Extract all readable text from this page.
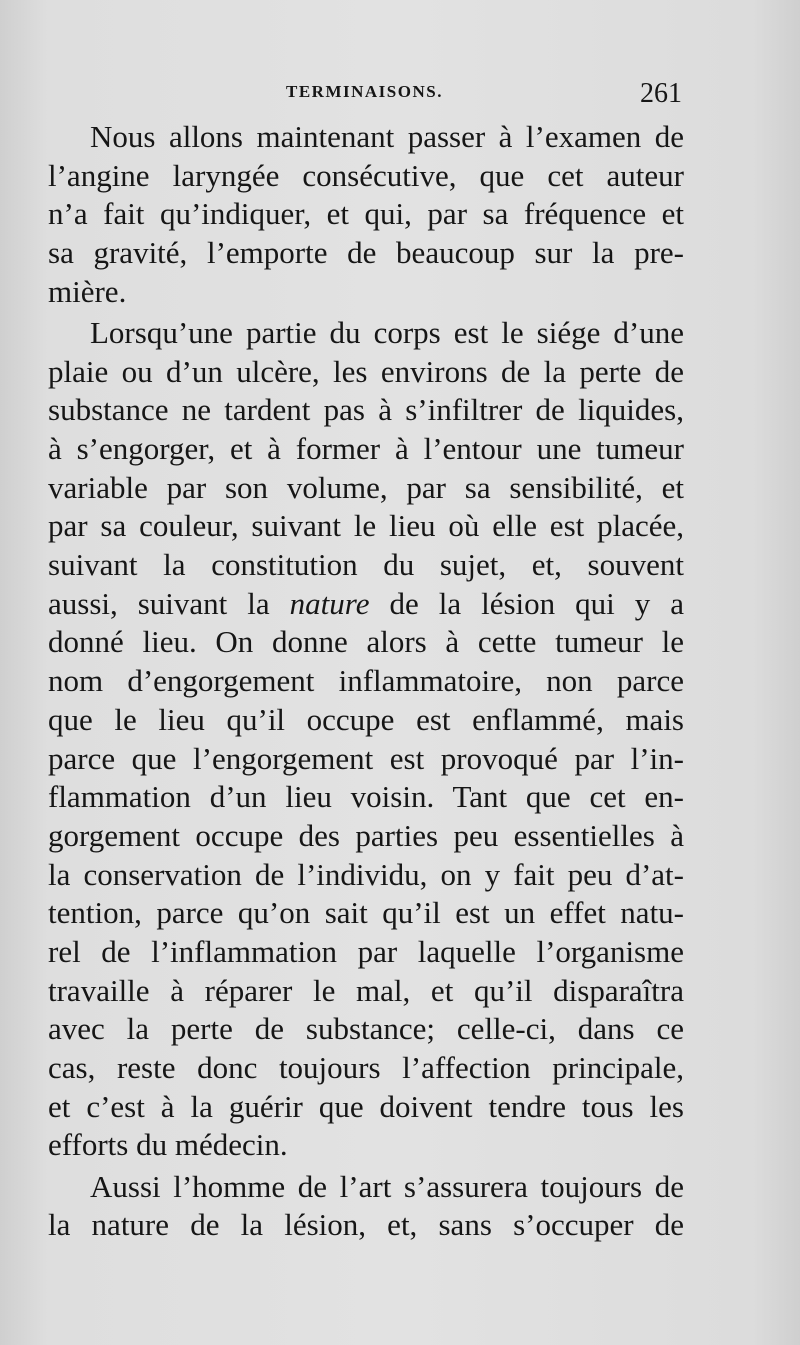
TERMINAISONS.	261
Nous allons maintenant passer à l’examen de
l’angine laryngée consécutive, que cet auteur
n’a fait qu’indiquer, et qui, par sa fréquence et
sa gravité, l’emporte de beaucoup sur la pre-
mière.
Lorsqu’une partie du corps est le siége d’une
plaie ou d’un ulcère, les environs de la perte de
substance ne tardent pas à s’infiltrer de liquides,
à s’engorger, et à former à l’entour une tumeur
variable par son volume, par sa sensibilité, et
par sa couleur, suivant le lieu où elle est placée,
suivant la constitution du sujet, et, souvent
aussi, suivant la nature de la lésion qui y a
donné lieu. On donne alors à cette tumeur le
nom d’engorgement inflammatoire, non parce
que le lieu qu’il occupe est enflammé, mais
parce que l’engorgement est provoqué par l’in-
flammation d’un lieu voisin. Tant que cet en-
gorgement occupe des parties peu essentielles à
la conservation de l’individu, on y fait peu d’at-
tention, parce qu’on sait qu’il est un effet natu-
rel de l’inflammation par laquelle l’organisme
travaille à réparer le mal, et qu’il disparaîtra
avec la perte de substance; celle-ci, dans ce
cas, reste donc toujours l’affection principale,
et c’est à la guérir que doivent tendre tous les
efforts du médecin.
Aussi l’homme de l’art s’assurera toujours de
la nature de la lésion, et, sans s’occuper de
